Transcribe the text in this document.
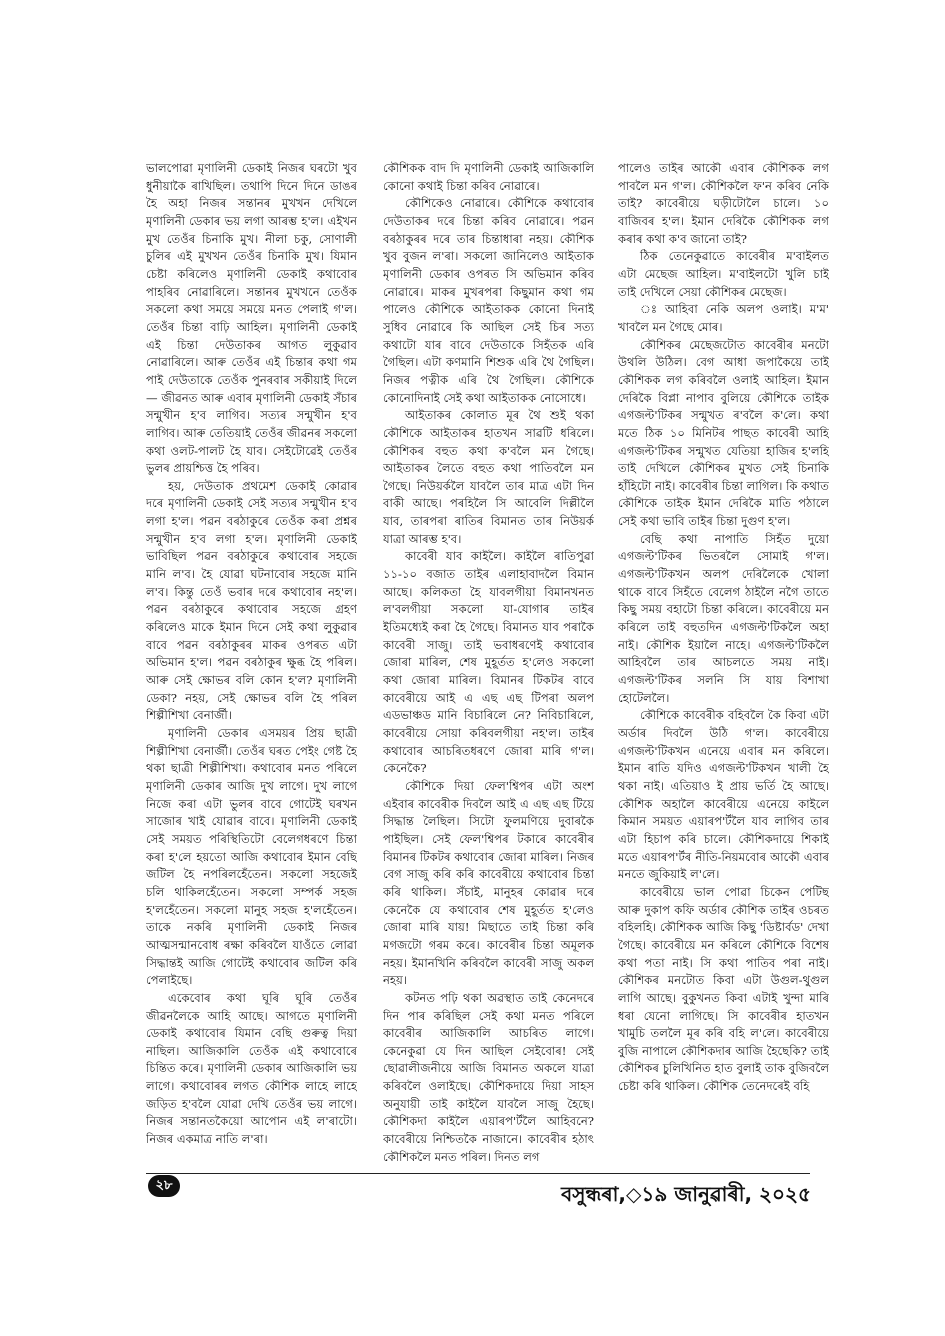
ভালপোৱা মৃণালিনী ডেকাই নিজৰ ঘৰটো খুব ধুনীয়াকৈ ৰাখিছিল। তথাপি দিনে দিনে ডাঙৰ হৈ অহা নিজৰ সন্তানৰ মুখখন দেখিলে মৃণালিনী ডেকাৰ ভয় লগা আৰম্ভ হ'ল। এইখন মুখ তেওঁৰ চিনাকি মুখ। নীলা চকু, সোণালী চুলিৰ এই মুখখন তেওঁৰ চিনাকি মুখ। যিমান চেষ্টা কৰিলেও মৃণালিনী ডেকাই কথাবোৰ পাহৰিব নোৱাৰিলে। সন্তানৰ মুখখনে তেওঁক সকলো কথা সময়ে সময়ে মনত পেলাই গ'ল। তেওঁৰ চিন্তা বাঢ়ি আহিল। মৃণালিনী ডেকাই এই চিন্তা দেউতাকৰ আগত লুকুৱাব নোৱাৰিলে। আৰু তেওঁৰ এই চিন্তাৰ কথা গম পাই দেউতাকে তেওঁক পুনৰবাৰ সকীয়াই দিলে— জীৱনত আৰু এবাৰ মৃণালিনী ডেকাই সঁচাৰ সন্মুখীন হ'ব লাগিব। সত্যৰ সন্মুখীন হ'ব লাগিব। আৰু তেতিয়াই তেওঁৰ জীৱনৰ সকলো কথা ওলট-পালট হৈ যাব। সেইটোৱেই তেওঁৰ ভুলৰ প্ৰায়শ্চিত্ত হৈ পৰিব।

হয়, দেউতাক প্ৰথমেশ ডেকাই কোৱাৰ দৰে মৃণালিনী ডেকাই সেই সত্যৰ সন্মুখীন হ'ব লগা হ'ল। পৱন বৰঠাকুৰে তেওঁক কৰা প্ৰশ্নৰ সন্মুখীন হ'ব লগা হ'ল। মৃণালিনী ডেকাই ভাবিছিল পৱন বৰঠাকুৰে কথাবোৰ সহজে মানি ল'ব। হৈ যোৱা ঘটনাবোৰ সহজে মানি ল'ব। কিন্তু তেওঁ ভবাৰ দৰে কথাবোৰ নহ'ল। পৱন বৰঠাকুৰে কথাবোৰ সহজে গ্ৰহণ কৰিলেও মাকে ইমান দিনে সেই কথা লুকুৱাৰ বাবে পৱন বৰঠাকুৰৰ মাকৰ ওপৰত এটা অভিমান হ'ল। পৱন বৰঠাকুৰ ক্ষুব্ধ হৈ পৰিল। আৰু সেই ক্ষোভৰ বলি কোন হ'ল? মৃণালিনী ডেকা? নহয়, সেই ক্ষোভৰ বলি হৈ পৰিল শিল্পীশিখা বেনাৰ্জী।

মৃণালিনী ডেকাৰ এসময়ৰ প্ৰিয় ছাত্ৰী শিল্পীশিখা বেনাৰ্জী। তেওঁৰ ঘৰত পেইং গেষ্ট হৈ থকা ছাত্ৰী শিল্পীশিখা। কথাবোৰ মনত পৰিলে মৃণালিনী ডেকাৰ আজি দুখ লাগে। দুখ লাগে নিজে কৰা এটা ভুলৰ বাবে গোটেই ঘৰখন সাজোৰ খাই যোৱাৰ বাবে। মৃণালিনী ডেকাই সেই সময়ত পৰিস্থিতিটো বেলেগধৰণে চিন্তা কৰা হ'লে হয়তো আজি কথাবোৰ ইমান বেছি জটিল হৈ নপৰিলহেঁতেন। সকলো সহজেই চলি থাকিলহেঁতেন। সকলো সম্পৰ্ক সহজ হ'লহেঁতেন। সকলো মানুহ সহজ হ'লহেঁতেন। তাকে নকৰি মৃণালিনী ডেকাই নিজৰ আত্মসন্মানবোধ ৰক্ষা কৰিবলৈ যাওঁতে লোৱা সিদ্ধান্তই আজি গোটেই কথাবোৰ জটিল কৰি পেলাইছে।

একেবোৰ কথা ঘূৰি ঘূৰি তেওঁৰ জীৱনলৈকে আহি আছে। আগতে মৃণালিনী ডেকাই কথাবোৰ যিমান বেছি গুৰুত্ব দিয়া নাছিল। আজিকালি তেওঁক এই কথাবোৰে চিন্তিত কৰে। মৃণালিনী ডেকাৰ আজিকালি ভয় লাগে। কথাবোৰৰ লগত কৌশিক লাহে লাহে জড়িত হ'বলৈ যোৱা দেখি তেওঁৰ ভয় লাগে। নিজৰ সন্তানতকৈয়ো আপোন এই ল'ৰাটো। নিজৰ একমাত্ৰ নাতি ল'ৰা।

কৌশিকক বাদ দি মৃণালিনী ডেকাই আজিকালি কোনো কথাই চিন্তা কৰিব নোৱাৰে।

কৌশিকেও নোৱাৰে। কৌশিকে কথাবোৰ দেউতাকৰ দৰে চিন্তা কৰিব নোৱাৰে। পৱন বৰঠাকুৰৰ দৰে তাৰ চিন্তাধাৰা নহয়। কৌশিক খুব বুজন ল'ৰা। সকলো জানিলেও আইতাক মৃণালিনী ডেকাৰ ওপৰত সি অভিমান কৰিব নোৱাৰে। মাকৰ মুখৰপৰা কিছুমান কথা গম পালেও কৌশিকে আইতাকক কোনো দিনাই সুধিব নোৱাৰে কি আছিল সেই চিৰ সত্য কথাটো যাৰ বাবে দেউতাকে সিহঁতক এৰি গৈছিল। এটা কণমানি শিশুক এৰি থৈ গৈছিল। নিজৰ পত্নীক এৰি থৈ গৈছিল। কৌশিকে কোনোদিনাই সেই কথা আইতাকক নোসোধে।

আইতাকৰ কোলাত মূৰ থৈ শুই থকা কৌশিকে আইতাকৰ হাতখন সাৱটি ধৰিলে। কৌশিকৰ বহুত কথা ক'বলৈ মন গৈছে। আইতাকৰ লৈতে বহুত কথা পাতিবলৈ মন গৈছে। নিউয়ৰ্কলৈ যাবলৈ তাৰ মাত্ৰ এটা দিন বাকী আছে। পৰহিলৈ সি আবেলি দিল্লীলৈ যাব, তাৰপৰা ৰাতিৰ বিমানত তাৰ নিউয়ৰ্ক যাত্ৰা আৰম্ভ হ'ব।

কাবেৰী যাব কাইলৈ। কাইলৈ ৰাতিপুৱা ১১-১০ বজাত তাইৰ এলাহাবাদলৈ বিমান আছে। কলিকতা হৈ যাবলগীয়া বিমানখনত ল'বলগীয়া সকলো যা-যোগাৰ তাইৰ ইতিমধ্যেই কৰা হৈ গৈছে। বিমানত যাব পৰাকৈ কাবেৰী সাজু। তাই ভবাধৰণেই কথাবোৰ জোৰা মাৰিল, শেষ মুহূৰ্তত হ'লেও সকলো কথা জোৰা মাৰিল। বিমানৰ টিকটৰ বাবে কাবেৰীয়ে আই এ এছ এছ টিপৰা অলপ এডভাঞ্চড মানি বিচাৰিলে নে? নিবিচাৰিলে, কাবেৰীয়ে সোয়া কৰিবলগীয়া নহ'ল। তাইৰ কথাবোৰ আচৰিতধৰণে জোৰা মাৰি গ'ল। কেনেকৈ?

কৌশিকে দিয়া ফেল'শ্বিপৰ এটা অংশ এইবাৰ কাবেৰীক দিবলৈ আই এ এছ এছ টিয়ে সিদ্ধান্ত লৈছিল। সিটো ফুলমণিয়ে দুবাৰকৈ পাইছিল। সেই ফেল'শ্বিপৰ টকাৰে কাবেৰীৰ বিমানৰ টিকটৰ কথাবোৰ জোৰা মাৰিল। নিজৰ বেগ সাজু কৰি কৰি কাবেৰীয়ে কথাবোৰ চিন্তা কৰি থাকিল। সঁচাই, মানুহৰ কোৱাৰ দৰে কেনেকৈ যে কথাবোৰ শেষ মুহূৰ্তত হ'লেও জোৰা মাৰি যায়! মিছাতে তাই চিন্তা কৰি মগজটো গৰম কৰে। কাবেৰীৰ চিন্তা অমূলক নহয়। ইমানখিনি কৰিবলৈ কাবেৰী সাজু অকল নহয়।

কটনত পঢ়ি থকা অৱস্থাত তাই কেনেদৰে দিন পাৰ কৰিছিল সেই কথা মনত পৰিলে কাবেৰীৰ আজিকালি আচৰিত লাগে। কেনেকুৱা যে দিন আছিল সেইবোৰ! সেই ছোৱালীজনীয়ে আজি বিমানত অকলে যাত্ৰা কৰিবলৈ ওলাইছে। কৌশিকদায়ে দিয়া সাহস অনুযায়ী তাই কাইলৈ যাবলৈ সাজু হৈছে। কৌশিকদা কাইলৈ এয়াৰপ'ৰ্টলৈ আহিবনে? কাবেৰীয়ে নিশ্চিতকৈ নাজানে। কাবেৰীৰ হঠাৎ কৌশিকলৈ মনত পৰিল। দিনত লগ

পালেও তাইৰ আকৌ এবাৰ কৌশিকক লগ পাবলৈ মন গ'ল। কৌশিকলৈ ফ'ন কৰিব নেকি তাই? কাবেৰীয়ে ঘড়ীটোলৈ চালে। ১০ বাজিবৰ হ'ল। ইমান দেৰিকৈ কৌশিকক লগ কৰাৰ কথা ক'ব জানো তাই?

ঠিক তেনেকুৱাতে কাবেৰীৰ ম'বাইলত এটা মেছেজ আহিল। ম'বাইলটো খুলি চাই তাই দেখিলে সেয়া কৌশিকৰ মেছেজ।

ঃ আহিবা নেকি অলপ ওলাই। ম'ম' খাবলৈ মন গৈছে মোৰ।

কৌশিকৰ মেছেজটোত কাবেৰীৰ মনটো উথলি উঠিল। বেগ আধা জপাকৈয়ে তাই কৌশিকক লগ কৰিবলৈ ওলাই আহিল। ইমান দেৰিকৈ বিপ্লা নাপাব বুলিয়ে কৌশিকে তাইক এগজল্ট'টিকৰ সন্মুখত ৰ'বলৈ ক'লে। কথা মতে ঠিক ১০ মিনিটৰ পাছত কাবেৰী আহি এগজল্ট'টিকৰ সন্মুখত যেতিয়া হাজিৰ হ'লহি তাই দেখিলে কৌশিকৰ মুখত সেই চিনাকি হাঁহিটো নাই। কাবেৰীৰ চিন্তা লাগিল। কি কথাত কৌশিকে তাইক ইমান দেৰিকৈ মাতি পঠালে সেই কথা ভাবি তাইৰ চিন্তা দুগুণ হ'ল।

বেছি কথা নাপাতি সিহঁত দুয়ো এগজল্ট'টিকৰ ভিতৰলৈ সোমাই গ'ল। এগজল্ট'টিকখন অলপ দেৰিলৈকে খোলা থাকে বাবে সিহঁতে বেলেগ ঠাইলৈ নগৈ তাতে কিছু সময় বহাটো চিন্তা কৰিলে। কাবেৰীয়ে মন কৰিলে তাই বহুতদিন এগজল্ট'টিকলৈ অহা নাই। কৌশিক ইয়ালৈ নাহে। এগজল্ট'টিকলৈ আহিবলৈ তাৰ আচলতে সময় নাই। এগজল্ট'টিকৰ সলনি সি যায় বিশাখা হোটেললৈ।

কৌশিকে কাবেৰীক বহিবলৈ কৈ কিবা এটা অৰ্ডাৰ দিবলৈ উঠি গ'ল। কাবেৰীয়ে এগজল্ট'টিকখন এনেয়ে এবাৰ মন কৰিলে। ইমান ৰাতি যদিও এগজল্ট'টিকখন খালী হৈ থকা নাই। এতিয়াও ই প্ৰায় ভৰ্তি হৈ আছে। কৌশিক অহালৈ কাবেৰীয়ে এনেয়ে কাইলে কিমান সময়ত এয়াৰপ'ৰ্টলৈ যাব লাগিব তাৰ এটা হিচাপ কৰি চালে। কৌশিকদায়ে শিকাই মতে এয়াৰপ'ৰ্টৰ নীতি-নিয়মবোৰ আকৌ এবাৰ মনতে জুকিয়াই ল'লে।

কাবেৰীয়ে ভাল পোৱা চিকেন পেটিছ আৰু দুকাপ কফি অৰ্ডাৰ কৌশিক তাইৰ ওচৰত বহিলহি। কৌশিকক আজি কিছু 'ডিষ্টাৰ্বড' দেখা গৈছে। কাবেৰীয়ে মন কৰিলে কৌশিকে বিশেষ কথা পতা নাই। সি কথা পাতিব পৰা নাই। কৌশিকৰ মনটোত কিবা এটা উগুল-থুগুল লাগি আছে। বুকুখনত কিবা এটাই খুন্দা মাৰি ধৰা যেনো লাগিছে। সি কাবেৰীৰ হাতখন খামুচি তললৈ মূৰ কৰি বহি ল'লে। কাবেৰীয়ে বুজি নাপালে কৌশিকদাৰ আজি হৈছেকি? তাই কৌশিকৰ চুলিখিনিত হাত বুলাই তাক বুজিবলৈ চেষ্টা কৰি থাকিল। কৌশিক তেনেদৰেই বহি

২৮	বসুন্ধৰা,◇১৯ জানুৱাৰী, ২০২৫
